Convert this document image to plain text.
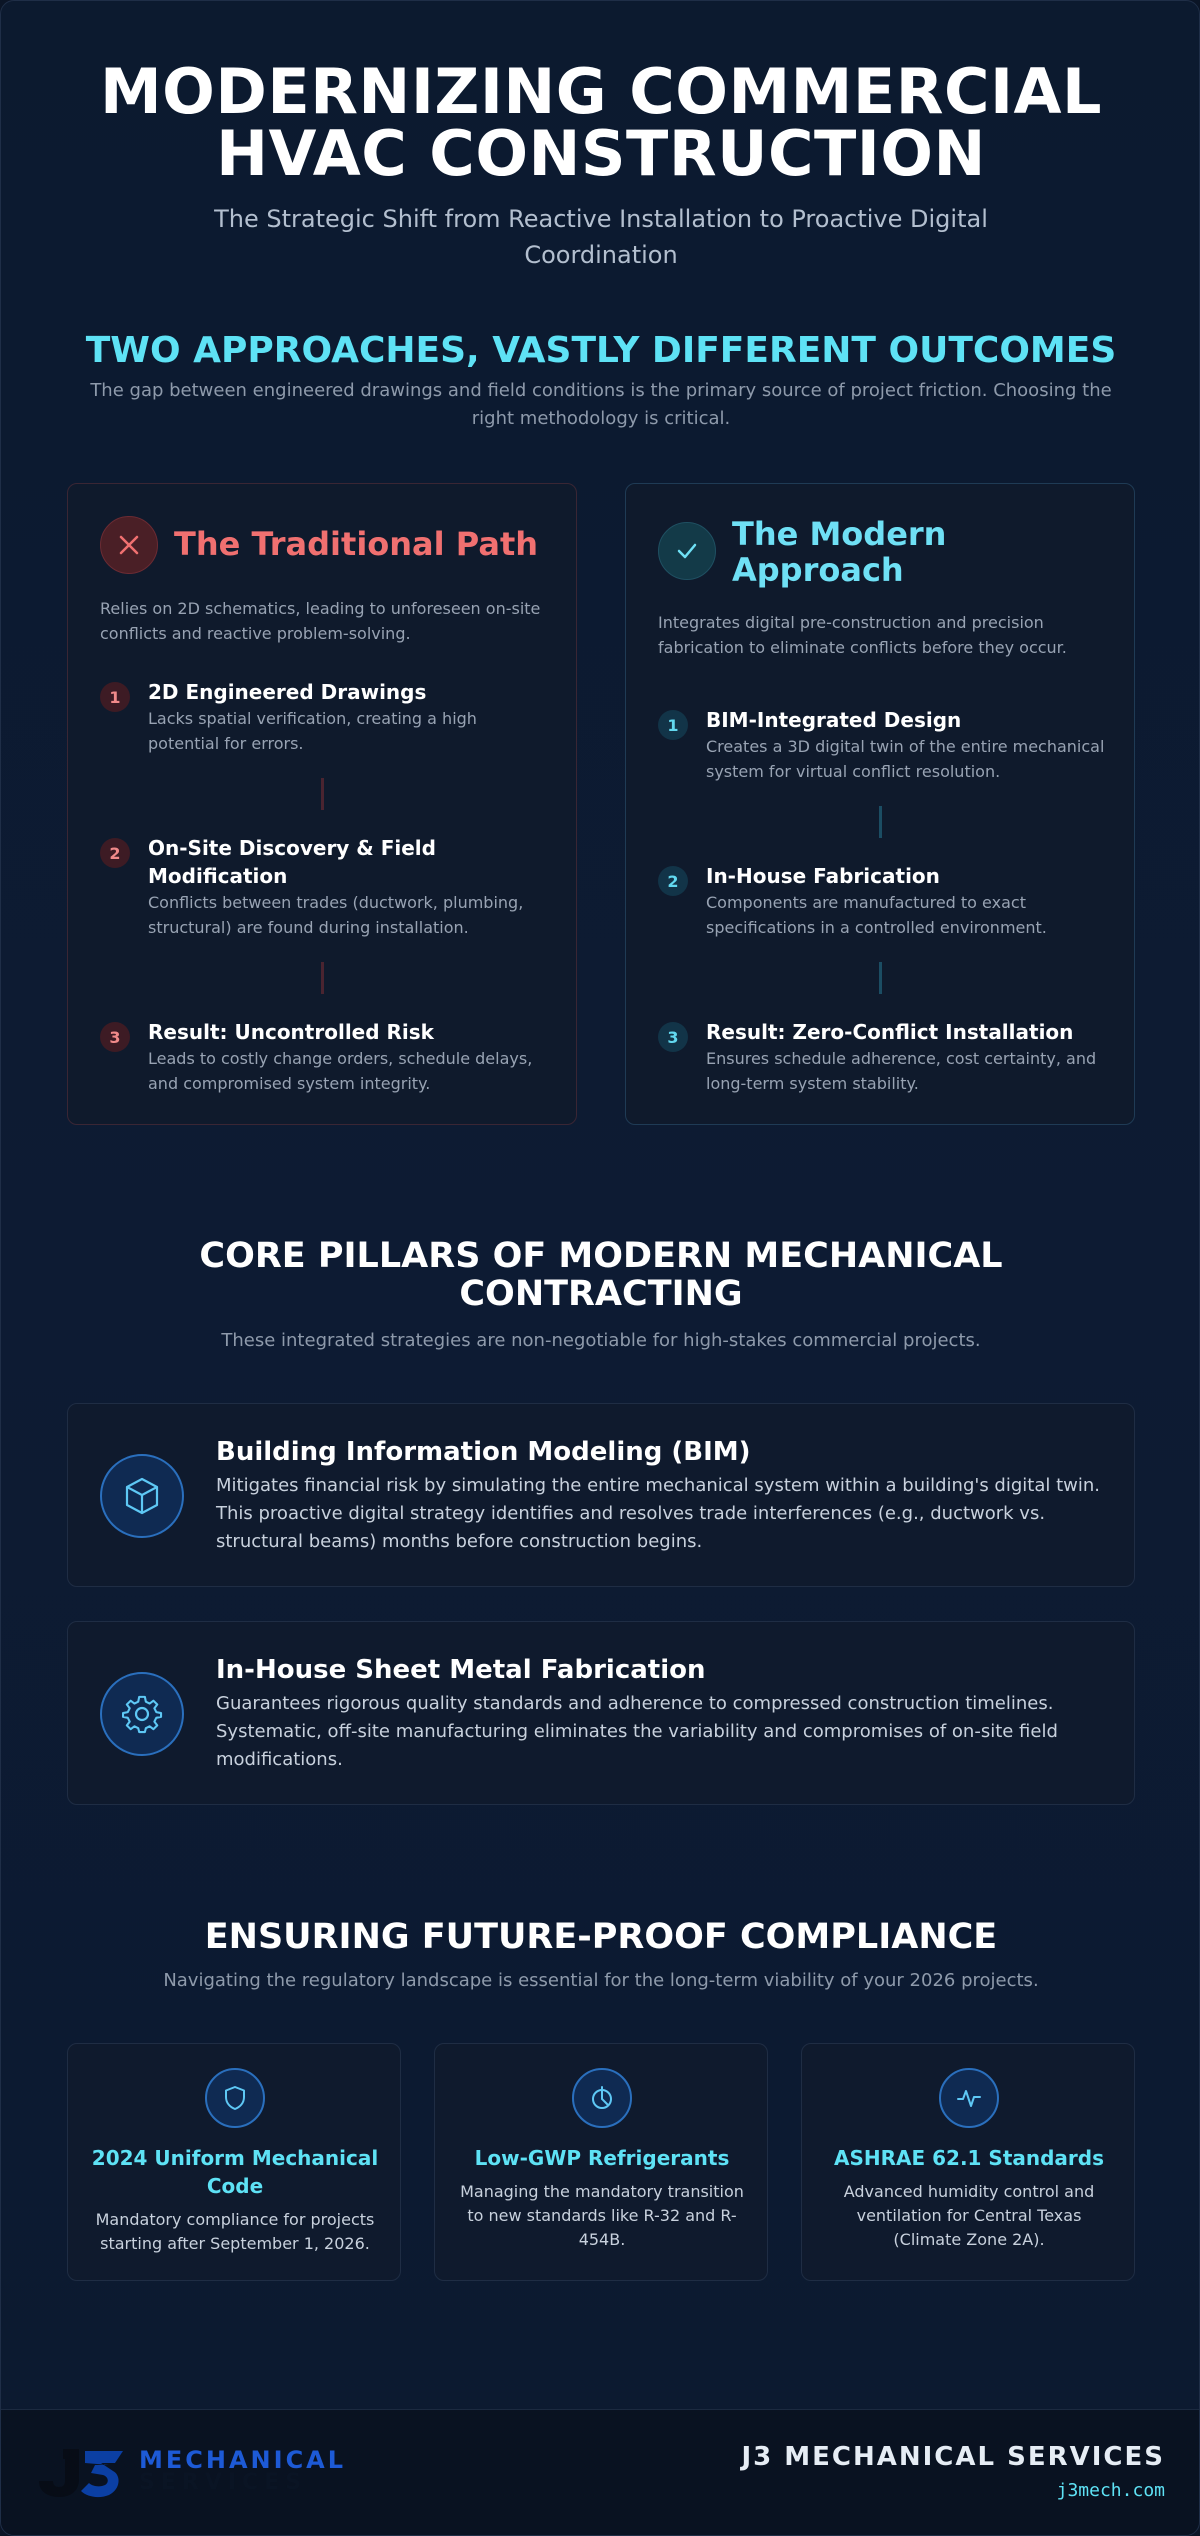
MODERNIZING COMMERCIAL
HVAC CONSTRUCTION

The Strategic Shift from Reactive Installation to Proactive Digital Coordination

TWO APPROACHES, VASTLY DIFFERENT OUTCOMES

The gap between engineered drawings and field conditions is the primary source of project friction. Choosing the right methodology is critical.

The Traditional Path

Relies on 2D schematics, leading to unforeseen on-site conflicts and reactive problem-solving.

1	2D Engineered Drawings

Lacks spatial verification, creating a high potential for errors.

2	On-Site Discovery & Field Modification

Conflicts between trades (ductwork, plumbing, structural) are found during installation.

3	Result: Uncontrolled Risk

Leads to costly change orders, schedule delays, and compromised system integrity.

The Modern Approach

Integrates digital pre-construction and precision fabrication to eliminate conflicts before they occur.

1	BIM-Integrated Design

Creates a 3D digital twin of the entire mechanical system for virtual conflict resolution.

2	In-House Fabrication

Components are manufactured to exact specifications in a controlled environment.

3	Result: Zero-Conflict Installation

Ensures schedule adherence, cost certainty, and long-term system stability.

CORE PILLARS OF MODERN MECHANICAL CONTRACTING

These integrated strategies are non-negotiable for high-stakes commercial projects.

Building Information Modeling (BIM)

Mitigates financial risk by simulating the entire mechanical system within a building's digital twin. This proactive digital strategy identifies and resolves trade interferences (e.g., ductwork vs. structural beams) months before construction begins.

In-House Sheet Metal Fabrication

Guarantees rigorous quality standards and adherence to compressed construction timelines. Systematic, off-site manufacturing eliminates the variability and compromises of on-site field modifications.

ENSURING FUTURE-PROOF COMPLIANCE

Navigating the regulatory landscape is essential for the long-term viability of your 2026 projects.

2024 Uniform Mechanical Code

Mandatory compliance for projects starting after September 1, 2026.

Low-GWP Refrigerants

Managing the mandatory transition to new standards like R-32 and R-454B.

ASHRAE 62.1 Standards

Advanced humidity control and ventilation for Central Texas (Climate Zone 2A).

MECHANICAL
SERVICES
J3 MECHANICAL SERVICES
j3mech.com
